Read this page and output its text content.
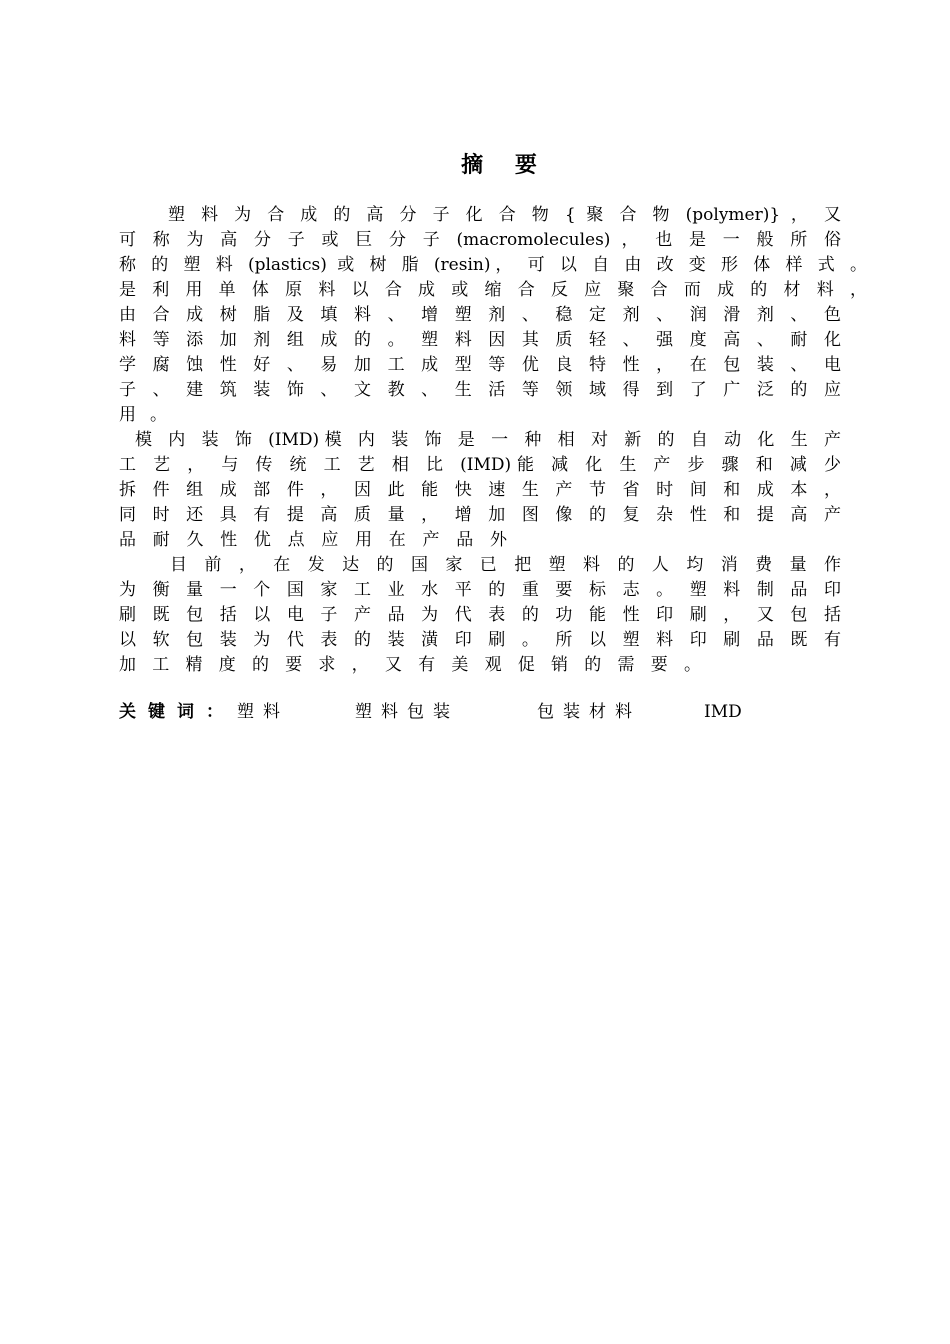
摘 要
塑 料 为 合 成 的 高 分 子 化 合 物 { 聚 合 物 (polymer)} ， 又
可 称 为 高 分 子 或 巨 分 子 (macromolecules) ， 也 是 一 般 所 俗
称 的 塑 料 (plastics) 或 树 脂 (resin)， 可 以 自 由 改 变 形 体 样 式 。
是 利 用 单 体 原 料 以 合 成 或 缩 合 反 应 聚 合 而 成 的 材 料 ，
由 合 成 树 脂 及 填 料 、 增 塑 剂 、 稳 定 剂 、 润 滑 剂 、 色
料 等 添 加 剂 组 成 的 。 塑 料 因 其 质 轻 、 强 度 高 、 耐 化
学 腐 蚀 性 好 、 易 加 工 成 型 等 优 良 特 性 ， 在 包 装 、 电
子 、 建 筑 装 饰 、 文 教 、 生 活 等 领 域 得 到 了 广 泛 的 应
用 。
模 内 装 饰 (IMD)模 内 装 饰 是 一 种 相 对 新 的 自 动 化 生 产
工 艺 ， 与 传 统 工 艺 相 比 (IMD)能 减 化 生 产 步 骤 和 减 少
拆 件 组 成 部 件 ， 因 此 能 快 速 生 产 节 省 时 间 和 成 本 ，
同 时 还 具 有 提 高 质 量 ， 增 加 图 像 的 复 杂 性 和 提 高 产
品 耐 久 性 优 点 应 用 在 产 品 外
目 前 ， 在 发 达 的 国 家 已 把 塑 料 的 人 均 消 费 量 作
为 衡 量 一 个 国 家 工 业 水 平 的 重 要 标 志 。 塑 料 制 品 印
刷 既 包 括 以 电 子 产 品 为 代 表 的 功 能 性 印 刷 ， 又 包 括
以 软 包 装 为 代 表 的 装 潢 印 刷 。 所 以 塑 料 印 刷 品 既 有
加 工 精 度 的 要 求 ， 又 有 美 观 促 销 的 需 要 。
关键词： 塑料	塑料包装	包装材料	IMD
